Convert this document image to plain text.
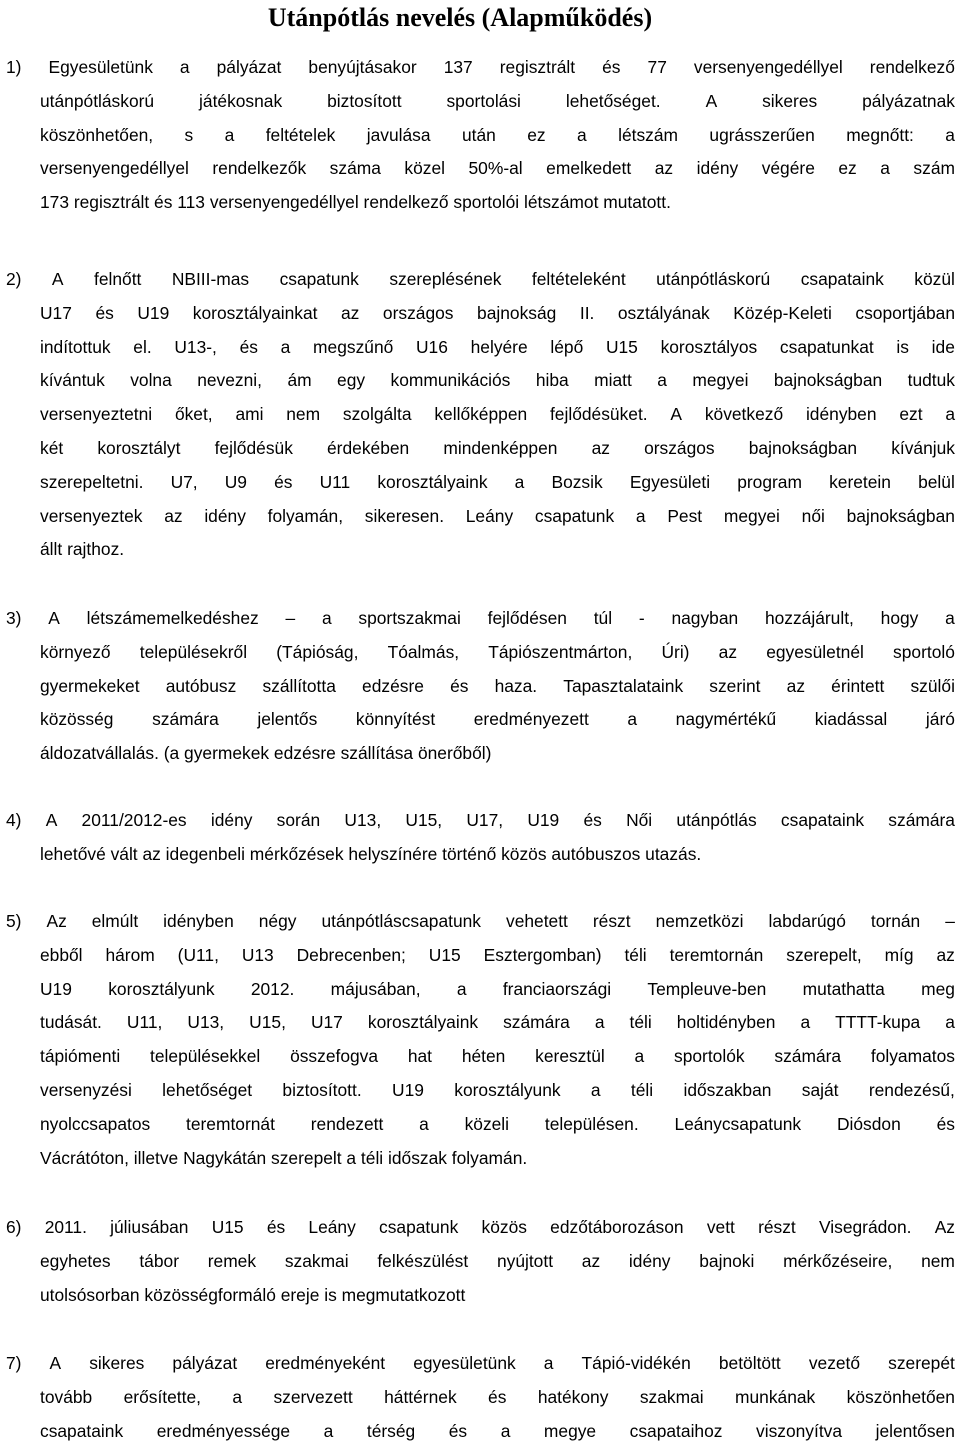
Utánpótlás nevelés (Alapműködés)
1) Egyesületünk a pályázat benyújtásakor 137 regisztrált és 77 versenyengedéllyel rendelkező
utánpótláskorú	játékosnak	biztosított	sportolási	lehetőséget.	A	sikeres	pályázatnak
köszönhetően, s a feltételek javulása után ez a létszám ugrásszerűen megnőtt: a
versenyengedéllyel rendelkezők száma közel 50%-al emelkedett az idény végére ez a szám
173 regisztrált és 113 versenyengedéllyel rendelkező sportolói létszámot mutatott.
2) A felnőtt NBIII-mas csapatunk szereplésének feltételeként utánpótláskorú csapataink közül
U17 és U19 korosztályainkat az országos bajnokság II. osztályának Közép-Keleti csoportjában
indítottuk el. U13-, és a megszűnő U16 helyére lépő U15 korosztályos csapatunkat is ide
kívántuk volna nevezni, ám egy kommunikációs hiba miatt a megyei bajnokságban tudtuk
versenyeztetni őket, ami nem szolgálta kellőképpen fejlődésüket. A következő idényben ezt a
két korosztályt fejlődésük érdekében mindenképpen az országos bajnokságban kívánjuk
szerepeltetni. U7, U9 és U11 korosztályaink a Bozsik Egyesületi program keretein belül
versenyeztek az idény folyamán, sikeresen. Leány csapatunk a Pest megyei női bajnokságban
állt rajthoz.
3) A létszámemelkedéshez – a sportszakmai fejlődésen túl - nagyban hozzájárult, hogy a
környező településekről (Tápióság, Tóalmás, Tápiószentmárton, Úri) az egyesületnél sportoló
gyermekeket autóbusz szállította edzésre és haza. Tapasztalataink szerint az érintett szülői
közösség számára jelentős könnyítést eredményezett a nagymértékű kiadással járó
áldozatvállalás. (a gyermekek edzésre szállítása önerőből)
4) A 2011/2012-es idény során U13, U15, U17, U19 és Női utánpótlás csapataink számára
lehetővé vált az idegenbeli mérkőzések helyszínére történő közös autóbuszos utazás.
5) Az elmúlt idényben négy utánpótláscsapatunk vehetett részt nemzetközi labdarúgó tornán –
ebből három (U11, U13 Debrecenben; U15 Esztergomban) téli teremtornán szerepelt, míg az
U19 korosztályunk 2012. májusában, a franciaországi Templeuve-ben mutathatta meg
tudását. U11, U13, U15, U17 korosztályaink számára a téli holtidényben a TTTT-kupa a
tápiómenti településekkel összefogva hat héten keresztül a sportolók számára folyamatos
versenyzési lehetőséget biztosított. U19 korosztályunk a téli időszakban saját rendezésű,
nyolccsapatos teremtornát rendezett a közeli településen. Leánycsapatunk Diósdon és
Vácrátóton, illetve Nagykátán szerepelt a téli időszak folyamán.
6) 2011. júliusában U15 és Leány csapatunk közös edzőtáborozáson vett részt Visegrádon. Az
egyhetes tábor remek szakmai felkészülést nyújtott az idény bajnoki mérkőzéseire, nem
utolsósorban közösségformáló ereje is megmutatkozott
7) A sikeres pályázat eredményeként egyesületünk a Tápió-vidékén betöltött vezető szerepét
tovább erősítette, a szervezett háttérnek és hatékony szakmai munkának köszönhetően
csapataink eredményessége a térség és a megye csapataihoz viszonyítva jelentősen
